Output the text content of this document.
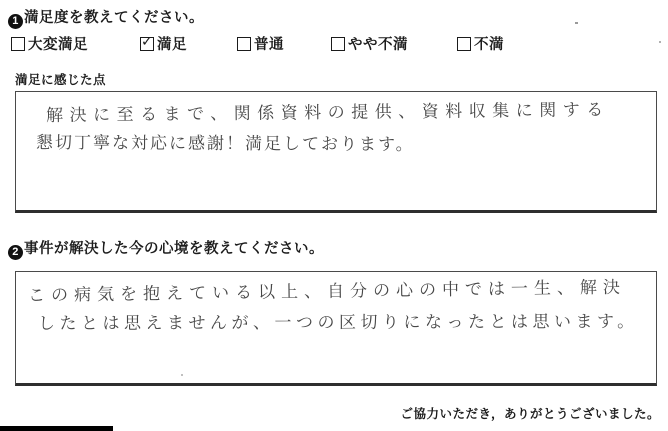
1 満足度を教えてください。
大変満足	✓ 満足	普通	やや不満	不満
満足に感じた点
解決に至るまで、関係資料の提供、資料収集に関する
懇切丁寧な対応に感謝！満足しております。
2 事件が解決した今の心境を教えてください。
この病気を抱えている以上、自分の心の中では一生、解決
したとは思えませんが、一つの区切りになったとは思います。
ご協力いただき，ありがとうございました。
